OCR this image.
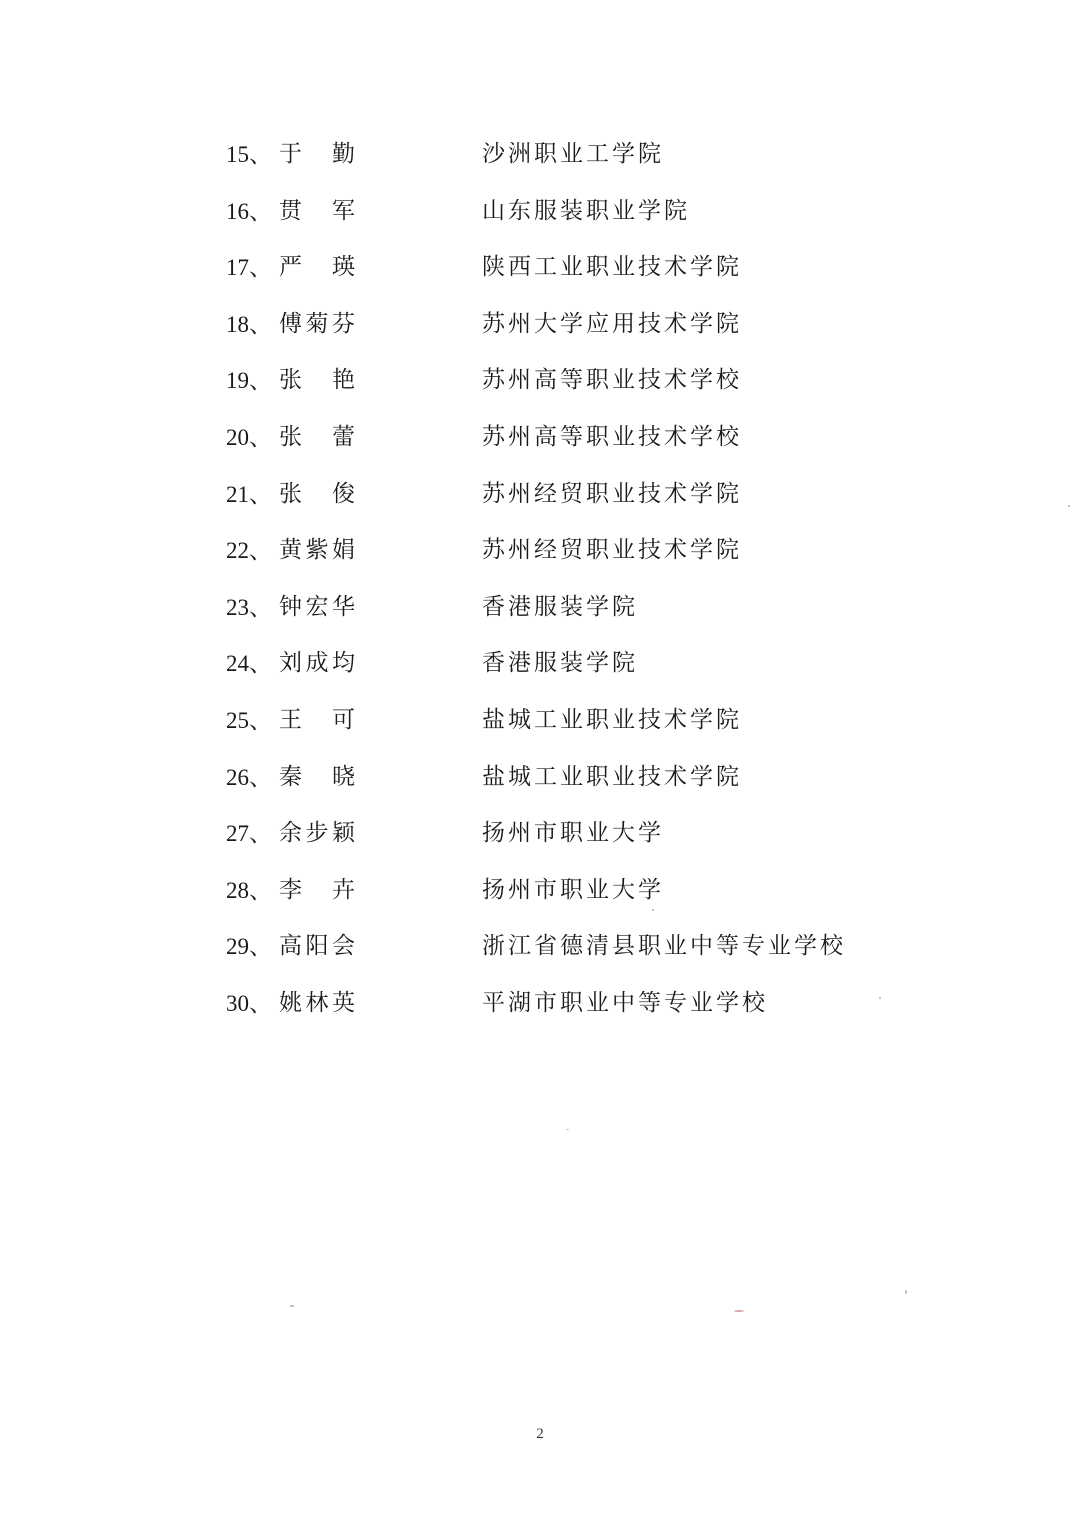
15、 于 勤	沙洲职业工学院
16、 贯 军	山东服装职业学院
17、 严 瑛	陕西工业职业技术学院
18、 傅菊芬	苏州大学应用技术学院
19、 张 艳	苏州高等职业技术学校
20、 张 蕾	苏州高等职业技术学校
21、 张 俊	苏州经贸职业技术学院
22、 黄紫娟	苏州经贸职业技术学院
23、 钟宏华	香港服装学院
24、 刘成均	香港服装学院
25、 王 可	盐城工业职业技术学院
26、 秦 晓	盐城工业职业技术学院
27、 余步颖	扬州市职业大学
28、 李 卉	扬州市职业大学
29、 高阳会	浙江省德清县职业中等专业学校
30、 姚林英	平湖市职业中等专业学校
2
